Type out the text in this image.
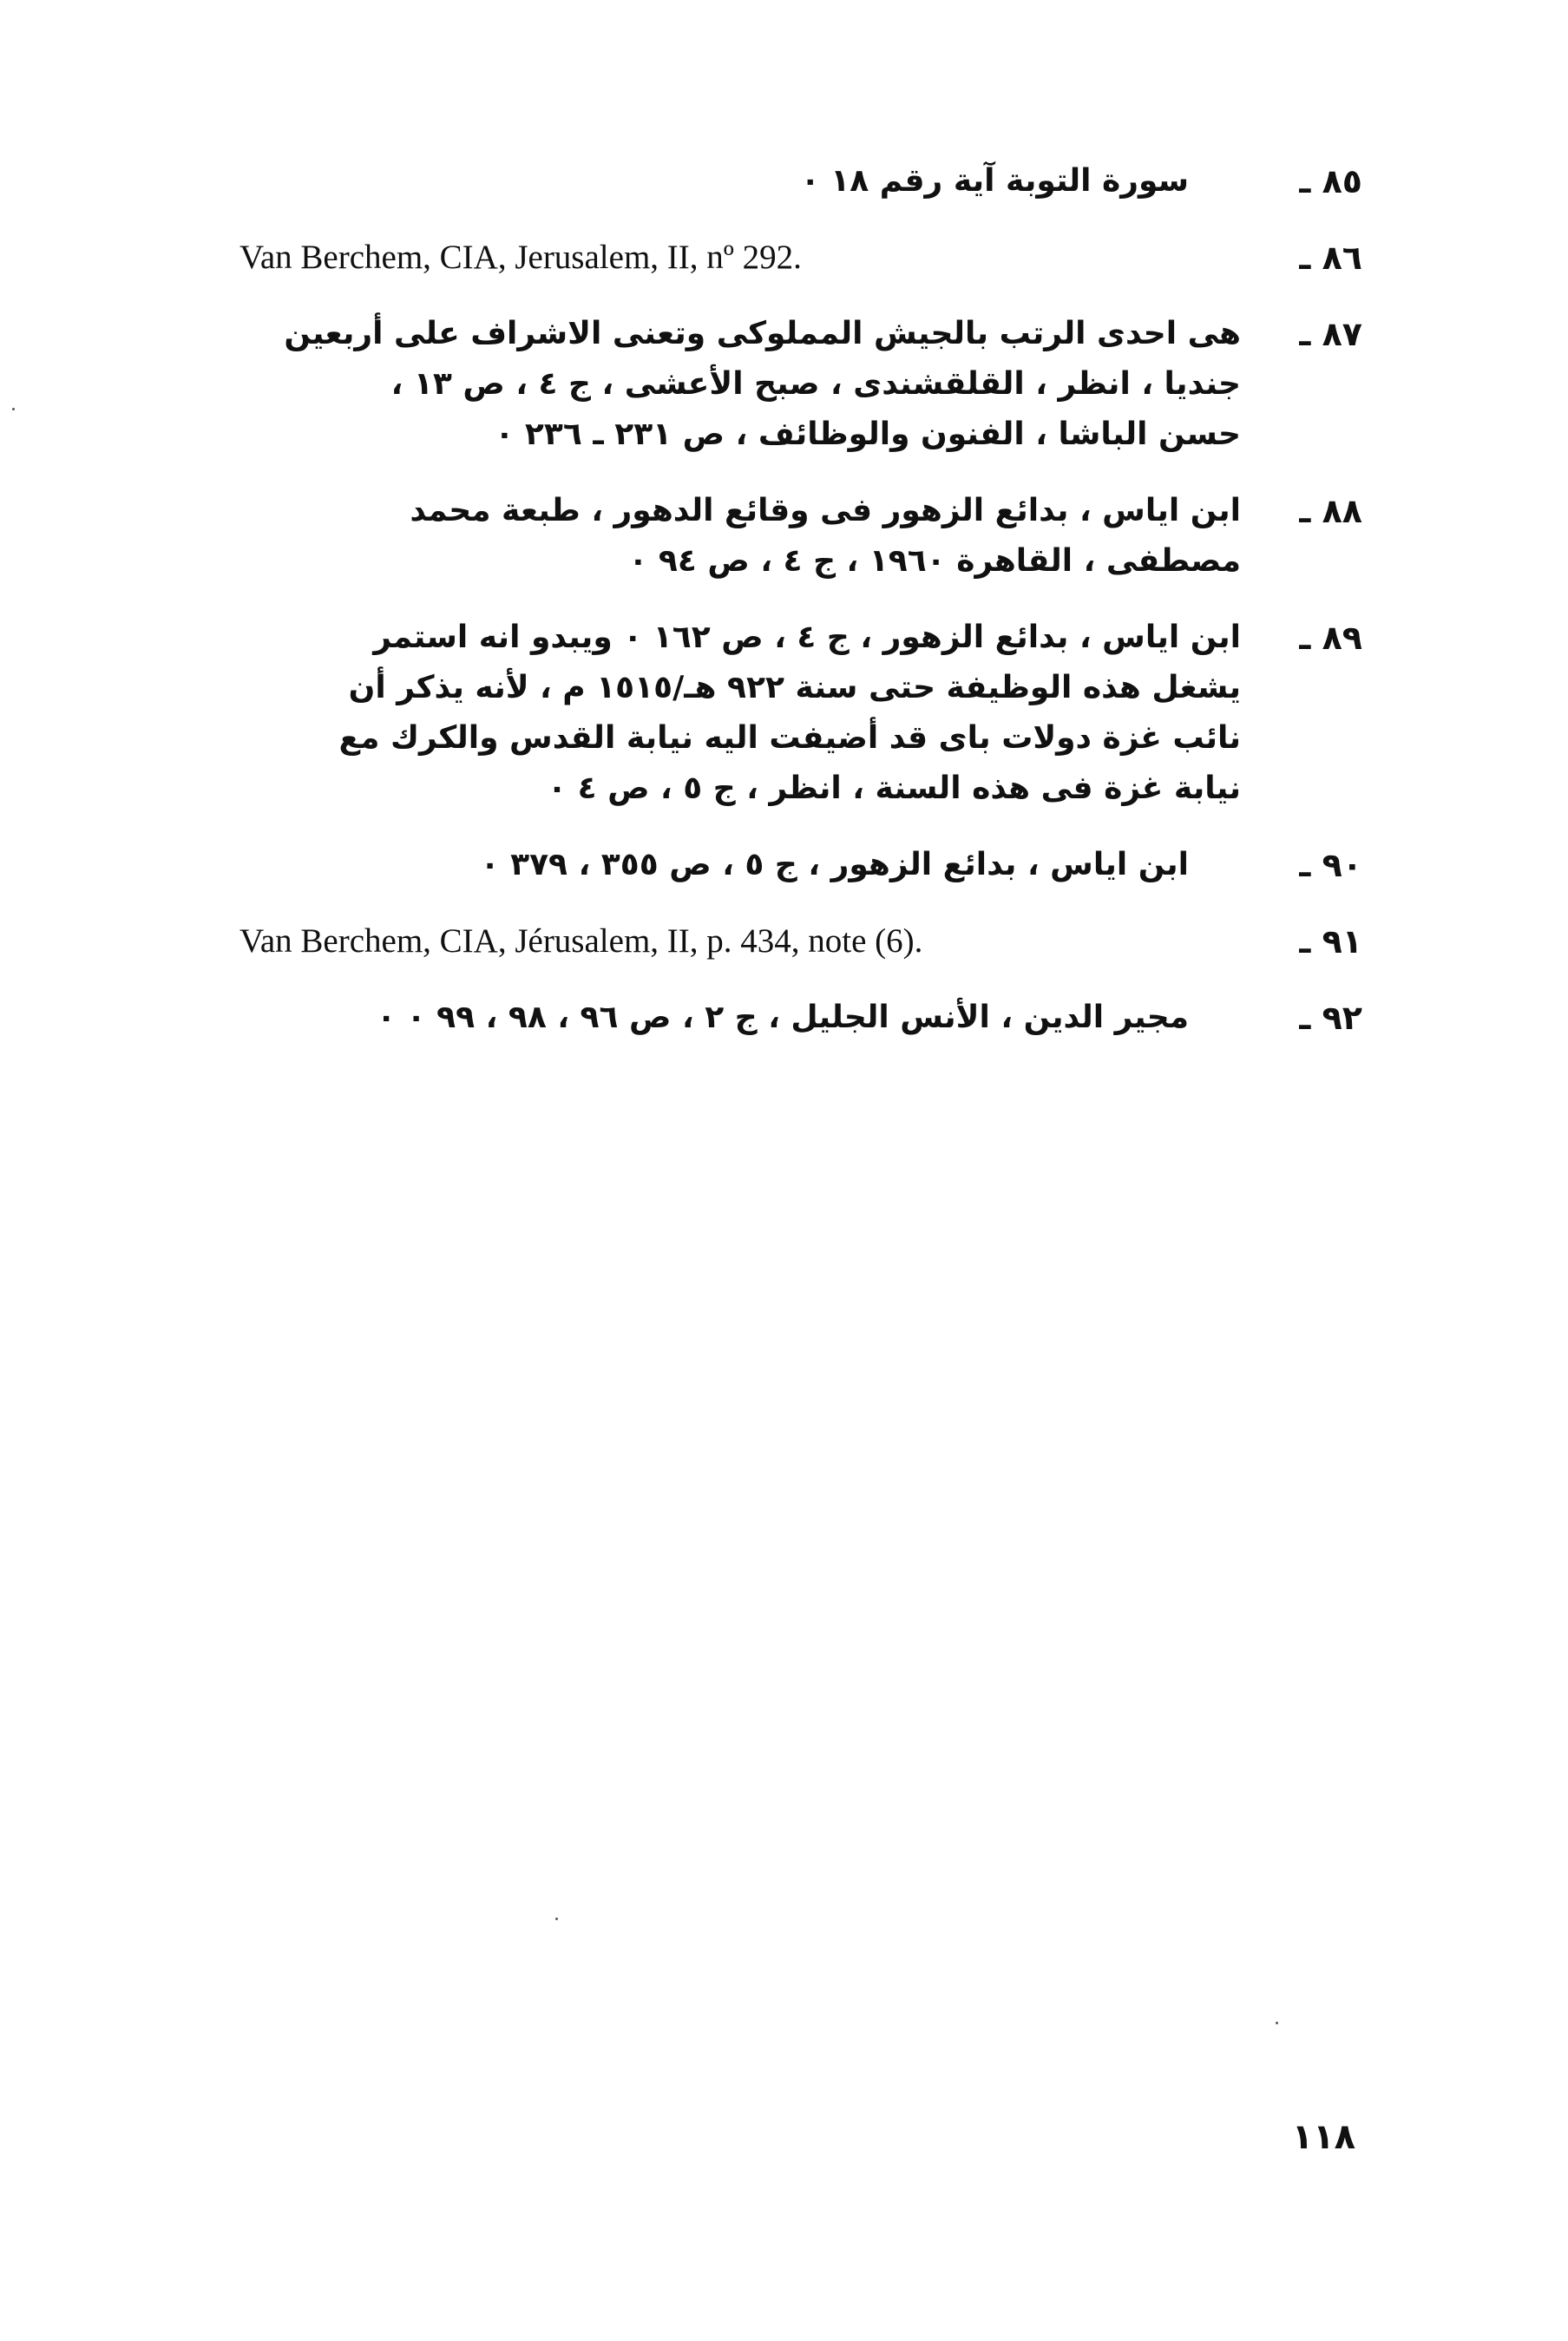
٨٥ ـ
سورة التوبة آية رقم ١٨ ٠
٨٦ ـ
Van Berchem, CIA, Jerusalem, II, nº 292.
٨٧ ـ
هى احدى الرتب بالجيش المملوكى وتعنى الاشراف على أربعين
جنديا ، انظر ، القلقشندى ، صبح الأعشى ، ج ٤ ، ص ١٣ ،
حسن الباشا ، الفنون والوظائف ، ص ٢٣١ ـ ٢٣٦ ٠
٨٨ ـ
ابن اياس ، بدائع الزهور فى وقائع الدهور ، طبعة محمد
مصطفى ، القاهرة ١٩٦٠ ، ج ٤ ، ص ٩٤ ٠
٨٩ ـ
ابن اياس ، بدائع الزهور ، ج ٤ ، ص ١٦٢ ٠ ويبدو انه استمر
يشغل هذه الوظيفة حتى سنة ٩٢٢ هـ/١٥١٥ م ، لأنه يذكر أن
نائب غزة دولات باى قد أضيفت اليه نيابة القدس والكرك مع
نيابة غزة فى هذه السنة ، انظر ، ج ٥ ، ص ٤ ٠
٩٠ ـ
ابن اياس ، بدائع الزهور ، ج ٥ ، ص ٣٥٥ ، ٣٧٩ ٠
٩١ ـ
Van Berchem, CIA, Jérusalem, II, p. 434, note (6).
٩٢ ـ
مجير الدين ، الأنس الجليل ، ج ٢ ، ص ٩٦ ، ٩٨ ، ٩٩ ٠ ٠
١١٨
